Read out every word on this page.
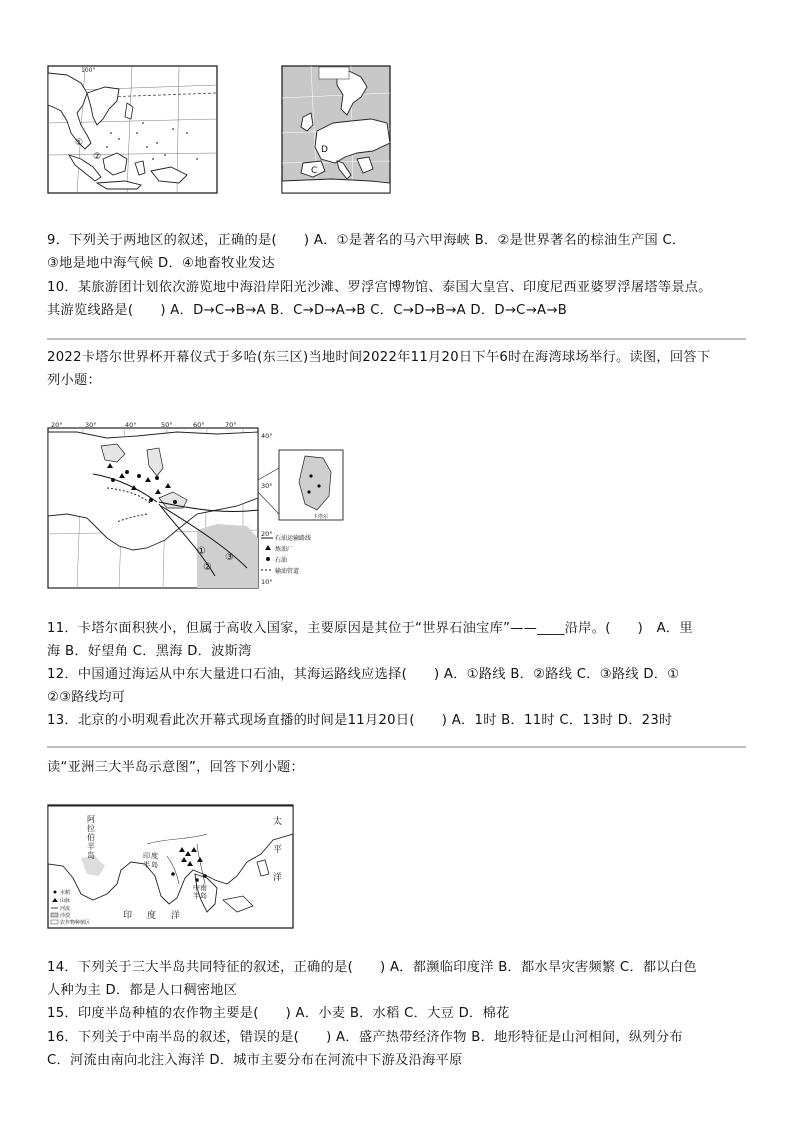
100°
①
②
D
C
9．下列关于两地区的叙述，正确的是(　　) A．①是著名的马六甲海峡 B．②是世界著名的棕油生产国 C．
③地是地中海气候 D．④地畜牧业发达
10．某旅游团计划依次游览地中海沿岸阳光沙滩、罗浮宫博物馆、泰国大皇宫、印度尼西亚婆罗浮屠塔等景点。
其游览线路是(　　) A．D→C→B→A B．C→D→A→B C．C→D→B→A D．D→C→A→B
2022卡塔尔世界杯开幕仪式于多哈(东三区)当地时间2022年11月20日下午6时在海湾球场举行。读图，回答下
列小题：
20°	30°	40°	50°	60°	70°
40°
30°
20°
10°
①
②
③
卡塔尔
石油运输路线
炼油厂
石油
输油管道
11．卡塔尔面积狭小，但属于高收入国家，主要原因是其位于“世界石油宝库”——____沿岸。(　　)　A．里
海 B．好望角 C．黑海 D．波斯湾
12．中国通过海运从中东大量进口石油，其海运路线应选择(　　) A．①路线 B．②路线 C．③路线 D．①
②③路线均可
13．北京的小明观看此次开幕式现场直播的时间是11月20日(　　) A．1时 B．11时 C．13时 D．23时
读“亚洲三大半岛示意图”，回答下列小题：
阿
拉
伯
半
岛	印 度
半 岛
中 南
半 岛
印 度 洋
太
平
洋
水稻
山脉
河流
沙漠
农作物种植区
14．下列关于三大半岛共同特征的叙述，正确的是(　　) A．都濒临印度洋 B．都水旱灾害频繁 C．都以白色
人种为主 D．都是人口稠密地区
15．印度半岛种植的农作物主要是(　　) A．小麦 B．水稻 C．大豆 D．棉花
16．下列关于中南半岛的叙述，错误的是(　　) A．盛产热带经济作物 B．地形特征是山河相间，纵列分布
C．河流由南向北注入海洋 D．城市主要分布在河流中下游及沿海平原
